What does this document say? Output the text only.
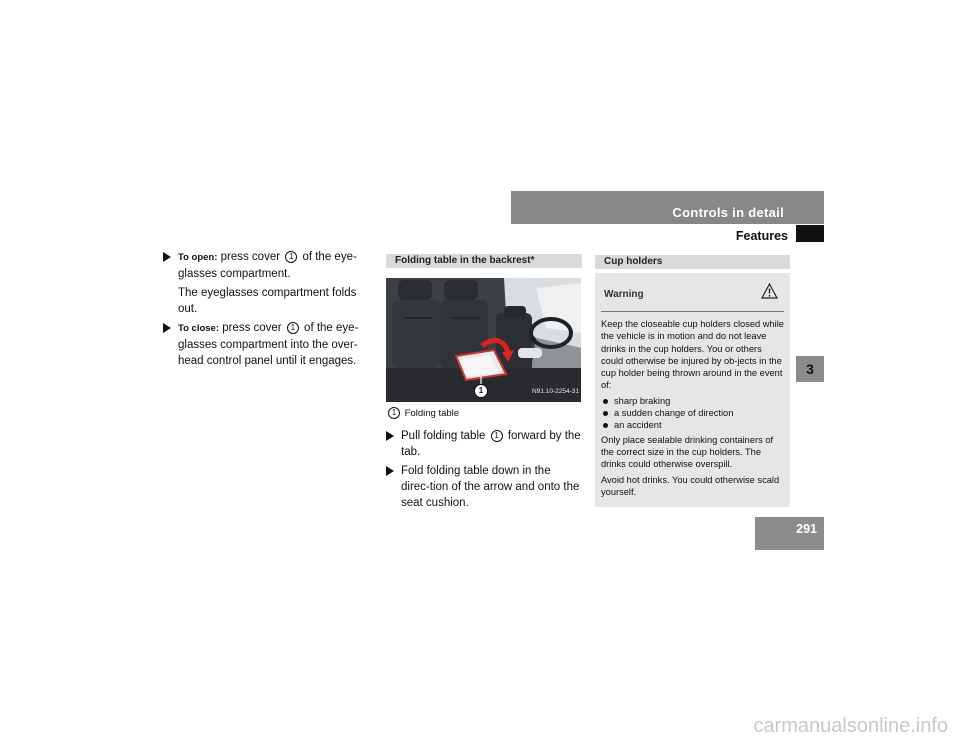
Controls in detail
Features
3
291
To open: press cover 1 of the eye-glasses compartment.
The eyeglasses compartment folds out.
To close: press cover 1 of the eye-glasses compartment into the over-head control panel until it engages.
Folding table in the backrest*
1	N91.10-2254-31
1 Folding table
Pull folding table 1 forward by the tab.
Fold folding table down in the direc-tion of the arrow and onto the seat cushion.
Cup holders
Warning

Keep the closeable cup holders closed while the vehicle is in motion and do not leave drinks in the cup holders. You or others could otherwise be injured by ob-jects in the cup holder being thrown around in the event of:

sharp braking
a sudden change of direction
an accident

Only place sealable drinking containers of the correct size in the cup holders. The drinks could otherwise overspill.

Avoid hot drinks. You could otherwise scald yourself.

carmanualsonline.info
